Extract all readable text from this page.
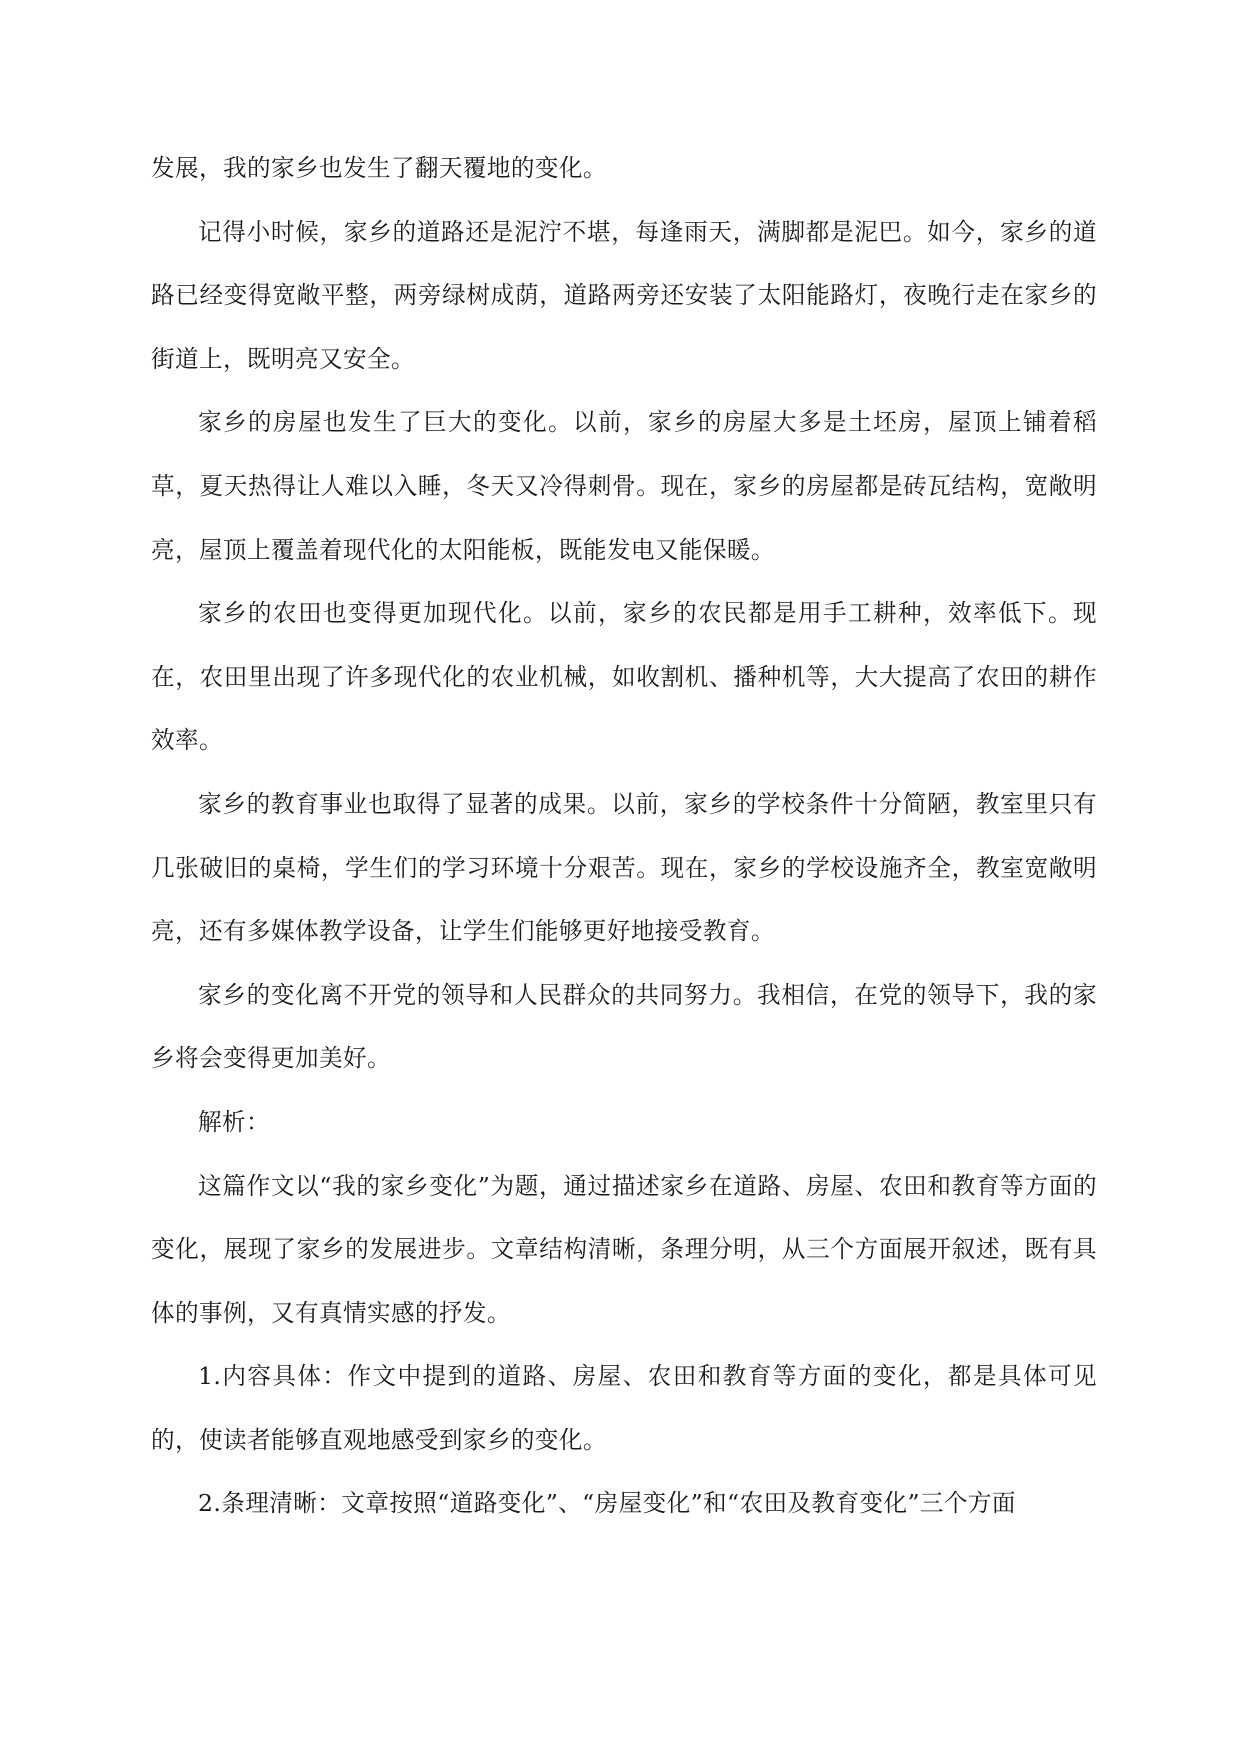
发展，我的家乡也发生了翻天覆地的变化。

记得小时候，家乡的道路还是泥泞不堪，每逢雨天，满脚都是泥巴。如今，家乡的道路已经变得宽敞平整，两旁绿树成荫，道路两旁还安装了太阳能路灯，夜晚行走在家乡的街道上，既明亮又安全。

家乡的房屋也发生了巨大的变化。以前，家乡的房屋大多是土坯房，屋顶上铺着稻草，夏天热得让人难以入睡，冬天又冷得刺骨。现在，家乡的房屋都是砖瓦结构，宽敞明亮，屋顶上覆盖着现代化的太阳能板，既能发电又能保暖。

家乡的农田也变得更加现代化。以前，家乡的农民都是用手工耕种，效率低下。现在，农田里出现了许多现代化的农业机械，如收割机、播种机等，大大提高了农田的耕作效率。

家乡的教育事业也取得了显著的成果。以前，家乡的学校条件十分简陋，教室里只有几张破旧的桌椅，学生们的学习环境十分艰苦。现在，家乡的学校设施齐全，教室宽敞明亮，还有多媒体教学设备，让学生们能够更好地接受教育。

家乡的变化离不开党的领导和人民群众的共同努力。我相信，在党的领导下，我的家乡将会变得更加美好。

解析：

这篇作文以“我的家乡变化”为题，通过描述家乡在道路、房屋、农田和教育等方面的变化，展现了家乡的发展进步。文章结构清晰，条理分明，从三个方面展开叙述，既有具体的事例，又有真情实感的抒发。

1.内容具体：作文中提到的道路、房屋、农田和教育等方面的变化，都是具体可见的，使读者能够直观地感受到家乡的变化。

2.条理清晰：文章按照“道路变化”、“房屋变化”和“农田及教育变化”三个方面
